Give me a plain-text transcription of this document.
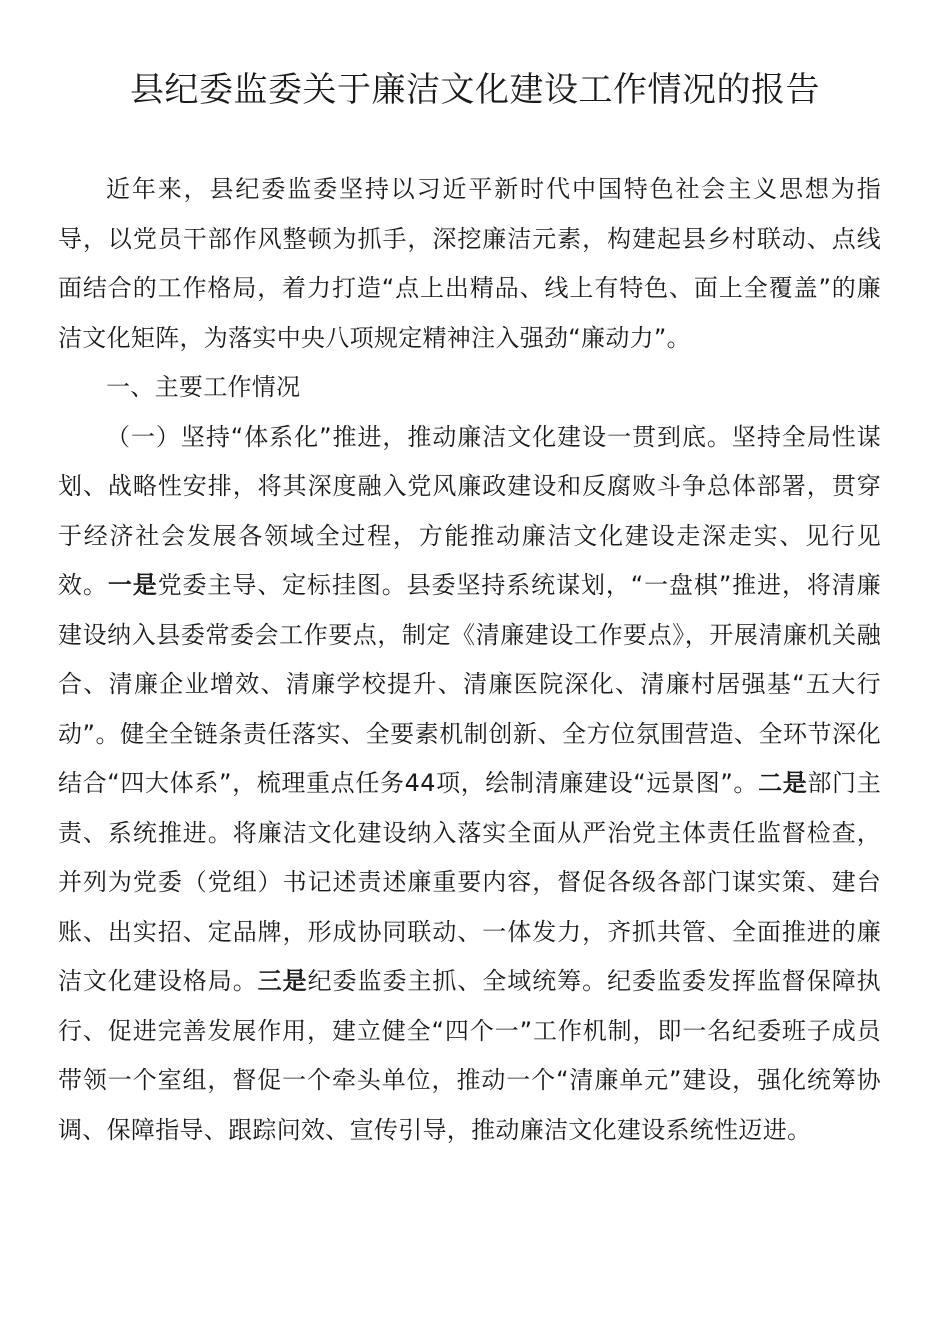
县纪委监委关于廉洁文化建设工作情况的报告

近年来，县纪委监委坚持以习近平新时代中国特色社会主义思想为指导，以党员干部作风整顿为抓手，深挖廉洁元素，构建起县乡村联动、点线面结合的工作格局，着力打造“点上出精品、线上有特色、面上全覆盖”的廉洁文化矩阵，为落实中央八项规定精神注入强劲“廉动力”。

一、主要工作情况

（一）坚持“体系化”推进，推动廉洁文化建设一贯到底。坚持全局性谋划、战略性安排，将其深度融入党风廉政建设和反腐败斗争总体部署，贯穿于经济社会发展各领域全过程，方能推动廉洁文化建设走深走实、见行见效。一是党委主导、定标挂图。县委坚持系统谋划，“一盘棋”推进，将清廉建设纳入县委常委会工作要点，制定《清廉建设工作要点》，开展清廉机关融合、清廉企业增效、清廉学校提升、清廉医院深化、清廉村居强基“五大行动”。健全全链条责任落实、全要素机制创新、全方位氛围营造、全环节深化结合“四大体系”，梳理重点任务44项，绘制清廉建设“远景图”。二是部门主责、系统推进。将廉洁文化建设纳入落实全面从严治党主体责任监督检查，并列为党委（党组）书记述责述廉重要内容，督促各级各部门谋实策、建台账、出实招、定品牌，形成协同联动、一体发力，齐抓共管、全面推进的廉洁文化建设格局。三是纪委监委主抓、全域统筹。纪委监委发挥监督保障执行、促进完善发展作用，建立健全“四个一”工作机制，即一名纪委班子成员带领一个室组，督促一个牵头单位，推动一个“清廉单元”建设，强化统筹协调、保障指导、跟踪问效、宣传引导，推动廉洁文化建设系统性迈进。
